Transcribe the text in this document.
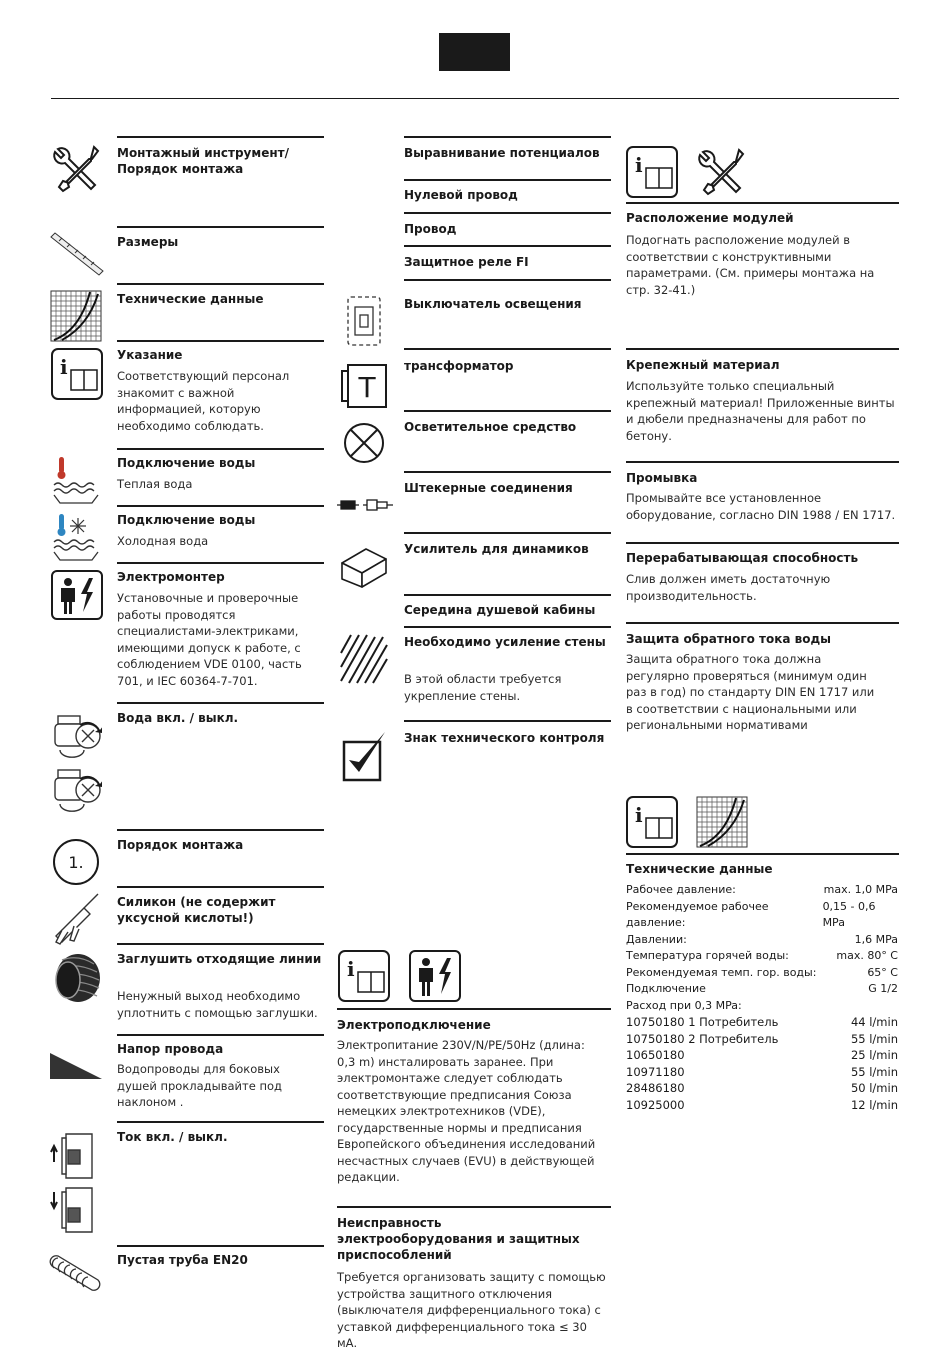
Монтажный инструмент/ Порядок монтажа
Размеры
Технические данные
i	Указание
Соответствующий персонал знакомит с важной информацией, которую необходимо соблюдать.
Подключение воды
Теплая вода
Подключение воды
Холодная вода
Электромонтер
Установочные и проверочные работы проводятся специалистами-электриками, имеющими допуск к работе, с соблюдением VDE 0100, часть 701, и IEC 60364-7-701.
Вода вкл. / выкл.
1.
Порядок монтажа
Силикон (не содержит уксусной кислоты!)
Заглушить отходящие линии
Ненужный выход необходимо уплотнить с помощью заглушки.
Напор провода
Водопроводы для боковых душей прокладывайте под наклоном .
Ток вкл. / выкл.
Пустая труба EN20
Выравнивание потенциалов
Нулевой провод
Провод
Защитное реле FI
Выключатель освещения
T
трансформатор
Осветительное средство
Штекерные соединения
Усилитель для динамиков
Середина душевой кабины
Необходимо усиление стены
В этой области требуется укрепление стены.
Знак технического контроля
i
Электроподключение
Электропитание 230V/N/PE/50Hz (длина: 0,3 m) инсталировать заранее. При электромонтаже следует соблюдать соответствующие предписания Союза немецких электротехников (VDE), государственные нормы и предписания Европейского объединения исследований несчастных случаев (EVU) в действующей редакции.
Неисправность электрооборудования и защитных приспособлений
Требуется организовать защиту с помощью устройства защитного отключения (выключателя дифференциального тока) с уставкой дифференциального тока ≤ 30 мА.
i
Расположение модулей
Подогнать расположение модулей в соответствии с конструктивными параметрами. (См. примеры монтажа на стр. 32-41.)
Крепежный материал
Используйте только специальный крепежный материал! Приложенные винты и дюбели предназначены для работ по бетону.
Промывка
Промывайте все установленное оборудование, согласно DIN 1988 / EN 1717.
Перерабатывающая способность
Слив должен иметь достаточную производительность.
Защита обратного тока воды
Защита обратного тока должна регулярно проверяться (минимум один раз в год) по стандарту DIN EN 1717 или в соответствии с национальными или региональными нормативами
i
Технические данные
Рабочее давление:	max. 1,0 MPa
Рекомендуемое рабочее давление:
0,15 - 0,6 MPa
Давлении:	1,6 MPa
Температура горячей воды:	max. 80° C
Рекомендуемая темп. гор. воды:	65° C
Подключение	G 1/2
Расход при 0,3 MPa:
10750180 1 Потребитель	44 l/min
10750180 2 Потребитель	55 l/min
10650180	25 l/min
10971180	55 l/min
28486180	50 l/min
10925000	12 l/min
